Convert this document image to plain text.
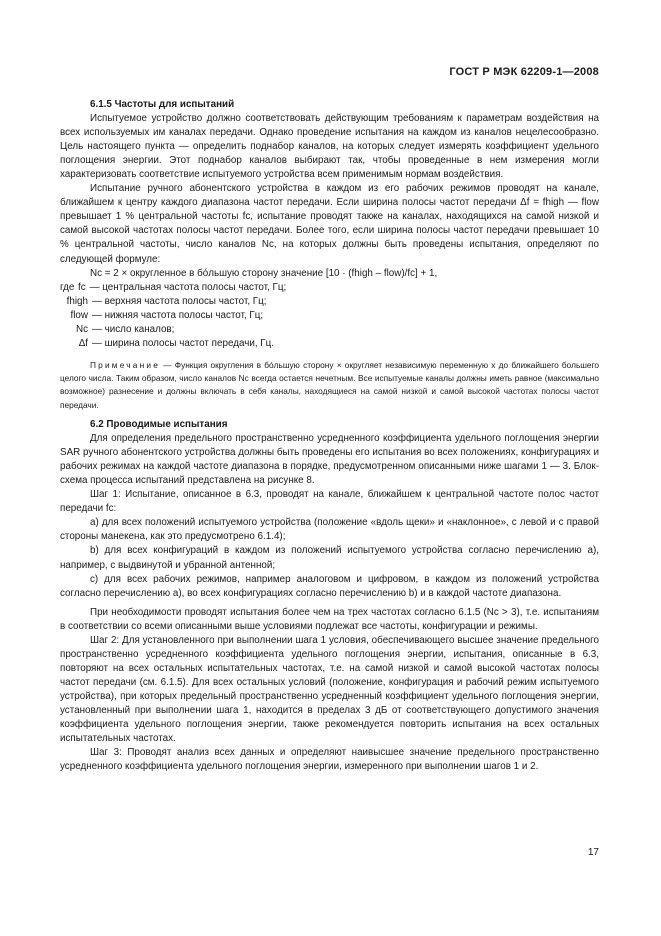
ГОСТ Р МЭК 62209-1—2008

6.1.5 Частоты для испытаний

Испытуемое устройство должно соответствовать действующим требованиям к параметрам воздействия на всех используемых им каналах передачи. Однако проведение испытания на каждом из каналов нецелесообразно. Цель настоящего пункта — определить поднабор каналов, на которых следует измерять коэффициент удельного поглощения энергии. Этот поднабор каналов выбирают так, чтобы проведенные в нем измерения могли характеризовать соответствие испытуемого устройства всем применимым нормам воздействия.

Испытание ручного абонентского устройства в каждом из его рабочих режимов проводят на канале, ближайшем к центру каждого диапазона частот передачи. Если ширина полосы частот передачи Δf = fhigh — flow превышает 1 % центральной частоты fc, испытание проводят также на каналах, находящихся на самой низкой и самой высокой частотах полосы частот передачи. Более того, если ширина полосы частот передачи превышает 10 % центральной частоты, число каналов Nc, на которых должны быть проведены испытания, определяют по следующей формуле:

Nc = 2 × округленное в бóльшую сторону значение [10 · (fhigh – flow)/fc] + 1,

где fc — центральная частота полосы частот, Гц;
fhigh — верхняя частота полосы частот, Гц;
flow — нижняя частота полосы частот, Гц;
Nc — число каналов;
Δf — ширина полосы частот передачи, Гц.

Примечание — Функция округления в бóльшую сторону × округляет независимую переменную x до ближайшего большего целого числа. Таким образом, число каналов Nc всегда остается нечетным. Все испытуемые каналы должны иметь равное (максимально возможное) разнесение и должны включать в себя каналы, находящиеся на самой низкой и самой высокой частотах полосы частот передачи.

6.2 Проводимые испытания

Для определения предельного пространственно усредненного коэффициента удельного поглощения энергии SAR ручного абонентского устройства должны быть проведены его испытания во всех положениях, конфигурациях и рабочих режимах на каждой частоте диапазона в порядке, предусмотренном описанными ниже шагами 1 — 3. Блок-схема процесса испытаний представлена на рисунке 8.

Шаг 1: Испытание, описанное в 6.3, проводят на канале, ближайшем к центральной частоте полос частот передачи fc:

а) для всех положений испытуемого устройства (положение «вдоль щеки» и «наклонное», с левой и с правой стороны манекена, как это предусмотрено 6.1.4);

b) для всех конфигураций в каждом из положений испытуемого устройства согласно перечислению а), например, с выдвинутой и убранной антенной;

с) для всех рабочих режимов, например аналоговом и цифровом, в каждом из положений устройства согласно перечислению а), во всех конфигурациях согласно перечислению b) и в каждой частоте диапазона.

При необходимости проводят испытания более чем на трех частотах согласно 6.1.5 (Nc > 3), т.е. испытаниям в соответствии со всеми описанными выше условиями подлежат все частоты, конфигурации и режимы.

Шаг 2: Для установленного при выполнении шага 1 условия, обеспечивающего высшее значение предельного пространственно усредненного коэффициента удельного поглощения энергии, испытания, описанные в 6.3, повторяют на всех остальных испытательных частотах, т.е. на самой низкой и самой высокой частотах полосы частот передачи (см. 6.1.5). Для всех остальных условий (положение, конфигурация и рабочий режим испытуемого устройства), при которых предельный пространственно усредненный коэффициент удельного поглощения энергии, установленный при выполнении шага 1, находится в пределах 3 дБ от соответствующего допустимого значения коэффициента удельного поглощения энергии, также рекомендуется повторить испытания на всех остальных испытательных частотах.

Шаг 3: Проводят анализ всех данных и определяют наивысшее значение предельного пространственно усредненного коэффициента удельного поглощения энергии, измеренного при выполнении шагов 1 и 2.

17
